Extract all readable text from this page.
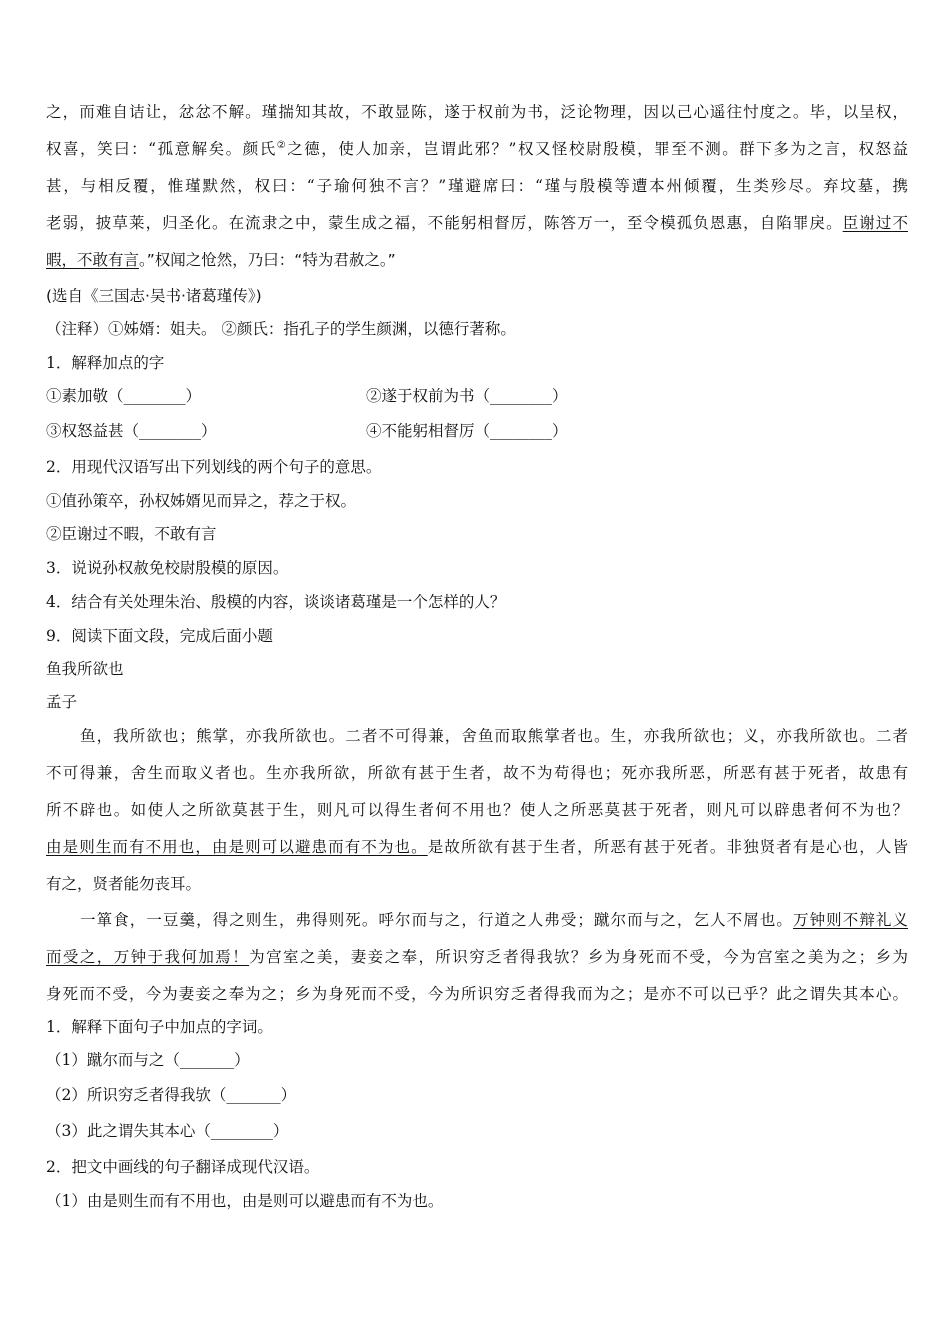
之，而难自诘让，忿忿不解。瑾揣知其故，不敢显陈，遂于权前为书，泛论物理，因以己心遥往忖度之。毕，以呈权，
权喜，笑曰：“孤意解矣。颜氏②之德，使人加亲，岂谓此邪？”权又怪校尉殷模，罪至不测。群下多为之言，权怒益
甚，与相反覆，惟瑾默然，权曰：“子瑜何独不言？”瑾避席曰：“瑾与殷模等遭本州倾覆，生类殄尽。弃坟墓，携
老弱，披草莱，归圣化。在流隶之中，蒙生成之福，不能躬相督厉，陈答万一，至令模孤负恩惠，自陷罪戾。臣谢过不
暇，不敢有言。”权闻之怆然，乃曰：“特为君赦之。”
(选自《三国志·吴书·诸葛瑾传》)
（注释）①姊婿：姐夫。 ②颜氏：指孔子的学生颜渊，以德行著称。
1．解释加点的字
①素加敬（________）	②遂于权前为书（________）
③权怒益甚（________）	④不能躬相督厉（________）
2．用现代汉语写出下列划线的两个句子的意思。
①值孙策卒，孙权姊婿见而异之，荐之于权。
②臣谢过不暇，不敢有言
3．说说孙权赦免校尉殷模的原因。
4．结合有关处理朱治、殷模的内容，谈谈诸葛瑾是一个怎样的人？
9．阅读下面文段，完成后面小题
鱼我所欲也
孟子
鱼，我所欲也；熊掌，亦我所欲也。二者不可得兼，舍鱼而取熊掌者也。生，亦我所欲也；义，亦我所欲也。二者
不可得兼，舍生而取义者也。生亦我所欲，所欲有甚于生者，故不为苟得也；死亦我所恶，所恶有甚于死者，故患有
所不辟也。如使人之所欲莫甚于生，则凡可以得生者何不用也？使人之所恶莫甚于死者，则凡可以辟患者何不为也？
由是则生而有不用也，由是则可以避患而有不为也。是故所欲有甚于生者，所恶有甚于死者。非独贤者有是心也，人皆
有之，贤者能勿丧耳。
一箪食，一豆羹，得之则生，弗得则死。呼尔而与之，行道之人弗受；蹴尔而与之，乞人不屑也。万钟则不辩礼义
而受之，万钟于我何加焉！为宫室之美，妻妾之奉，所识穷乏者得我欤？乡为身死而不受，今为宫室之美为之；乡为
身死而不受，今为妻妾之奉为之；乡为身死而不受，今为所识穷乏者得我而为之；是亦不可以已乎？此之谓失其本心。
1．解释下面句子中加点的字词。
（1）蹴尔而与之（_______）
（2）所识穷乏者得我欤（_______）
（3）此之谓失其本心（________）
2．把文中画线的句子翻译成现代汉语。
（1）由是则生而有不用也，由是则可以避患而有不为也。
